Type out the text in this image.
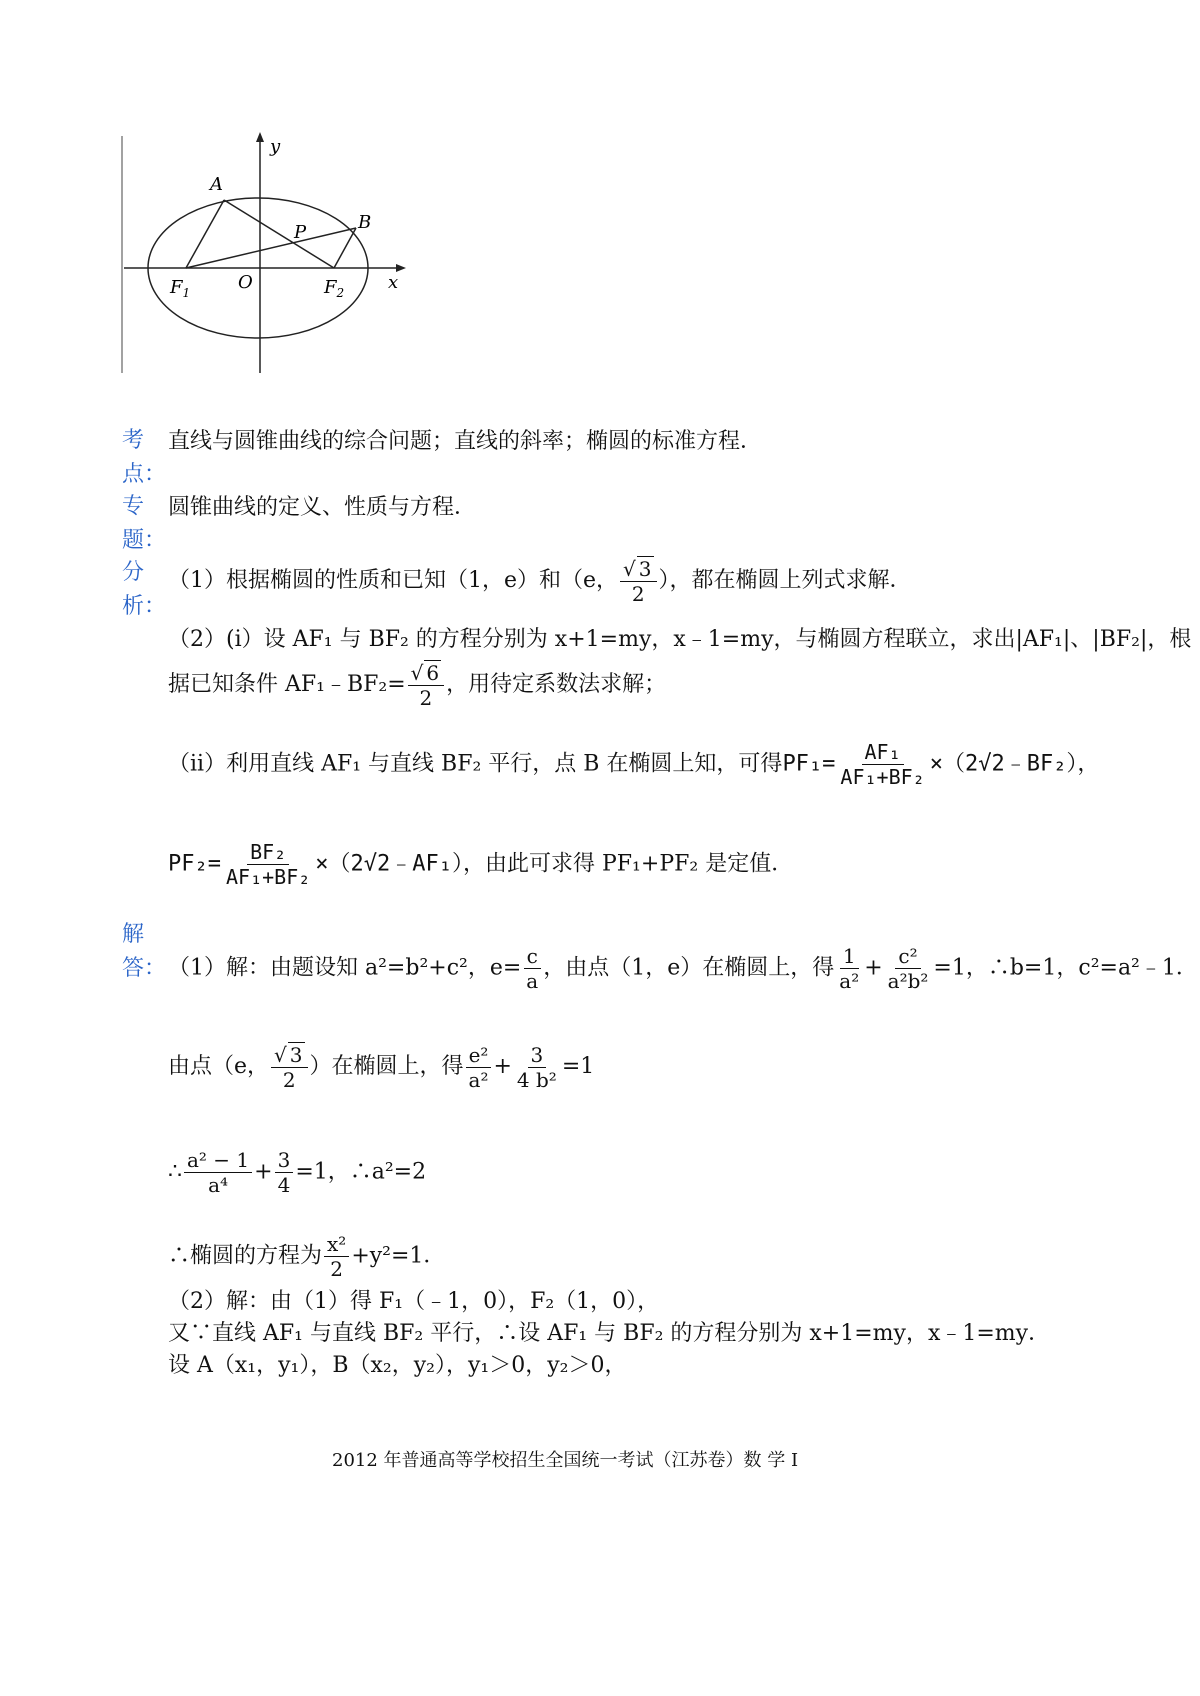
y
x
A
B
P
O
$F_1$	$F_2$
考点：
直线与圆锥曲线的综合问题；直线的斜率；椭圆的标准方程．
专题：
圆锥曲线的定义、性质与方程．
分析：
（1）根据椭圆的性质和已知（1，e）和（e， $\frac{√ 3}{2}$ ），都在椭圆上列式求解．
（2）(i）设 AF₁ 与 BF₂ 的方程分别为 x+1=my，x﹣1=my，与椭圆方程联立，求出|AF₁|、|BF₂|，根
据已知条件 AF₁﹣BF₂= $\frac{√ 6}{2}$ ，用待定系数法求解；
（ii）利用直线 AF₁ 与直线 BF₂ 平行，点 B 在椭圆上知，可得$PF_1= \frac{\text{AF₁}}{\text{AF₁+BF₂}}$ ×（2√2﹣BF₂），
$PF_2= \frac{\text{BF₂}}{\text{AF₁+BF₂}}$ ×（2√2﹣AF₁），由此可求得 PF₁+PF₂ 是定值．
解答： （1）解：由题设知 a²=b²+c²，$e= \frac{c}{a}$ ，由点（1，e）在椭圆上，得 $\frac{1}{\text{a²}} + \frac{\text{c²}}{\text{a²b²}} =1$，∴b=1，c²=a²﹣1．
由点（e， $\frac{√ 3}{2}$ ）在椭圆上，得 $\frac{\text{e²}}{\text{a²}} + \frac{3}{\text{4 b²}} =1$
∴ $\frac{\text{a² − 1}}{\text{a⁴}} + \frac{3}{4} =1$，∴a²=2
∴椭圆的方程为 $\frac{\text{x²}}{2} +y^2=1$．
（2）解：由（1）得 F₁（﹣1，0），F₂（1，0），
又∵直线 AF₁ 与直线 BF₂ 平行，∴设 AF₁ 与 BF₂ 的方程分别为 x+1=my，x﹣1=my．
设 A（x₁，y₁），B（x₂，y₂），y₁＞0，y₂＞0，
2012 年普通高等学校招生全国统一考试（江苏卷）数 学 Ⅰ
